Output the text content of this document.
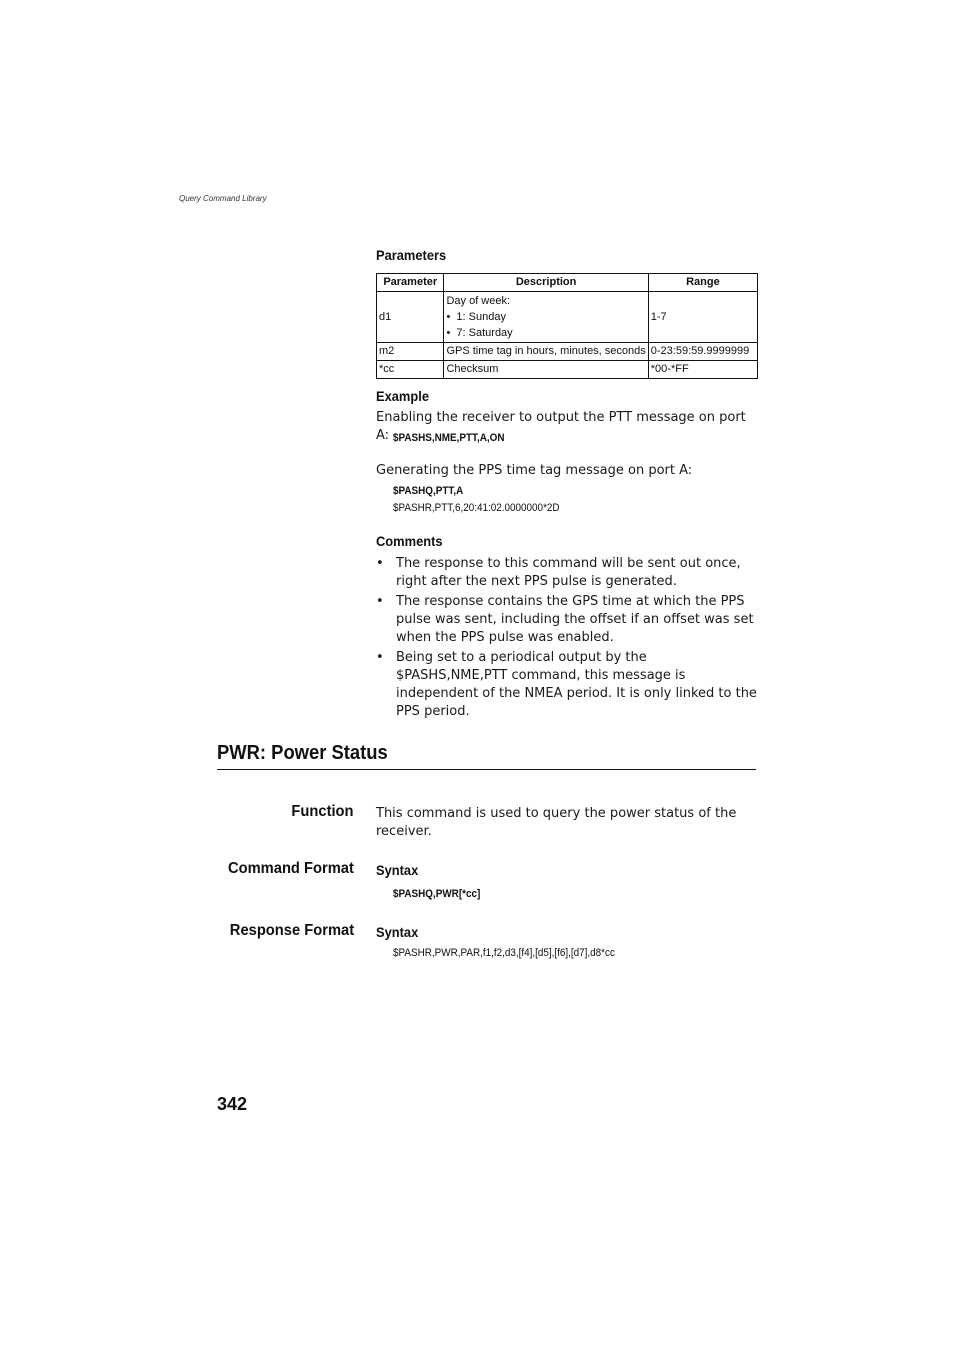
Query Command Library
Parameters
Parameter	Description	Range
d1	Day of week:
•  1: Sunday
•  7: Saturday	1-7
m2	GPS time tag in hours, minutes, seconds	0-23:59:59.9999999
*cc	Checksum	*00-*FF
Example
Enabling the receiver to output the PTT message on port A: $PASHS,NME,PTT,A,ON
Generating the PPS time tag message on port A:
$PASHQ,PTT,A
$PASHR,PTT,6,20:41:02.0000000*2D
Comments
• The response to this command will be sent out once, right after the next PPS pulse is generated.
• The response contains the GPS time at which the PPS pulse was sent, including the offset if an offset was set when the PPS pulse was enabled.
• Being set to a periodical output by the $PASHS,NME,PTT command, this message is independent of the NMEA period. It is only linked to the PPS period.
PWR: Power Status
Function This command is used to query the power status of the receiver.
Command Format Syntax
$PASHQ,PWR[*cc]
Response Format Syntax
$PASHR,PWR,PAR,f1,f2,d3,[f4],[d5],[f6],[d7],d8*cc
342
